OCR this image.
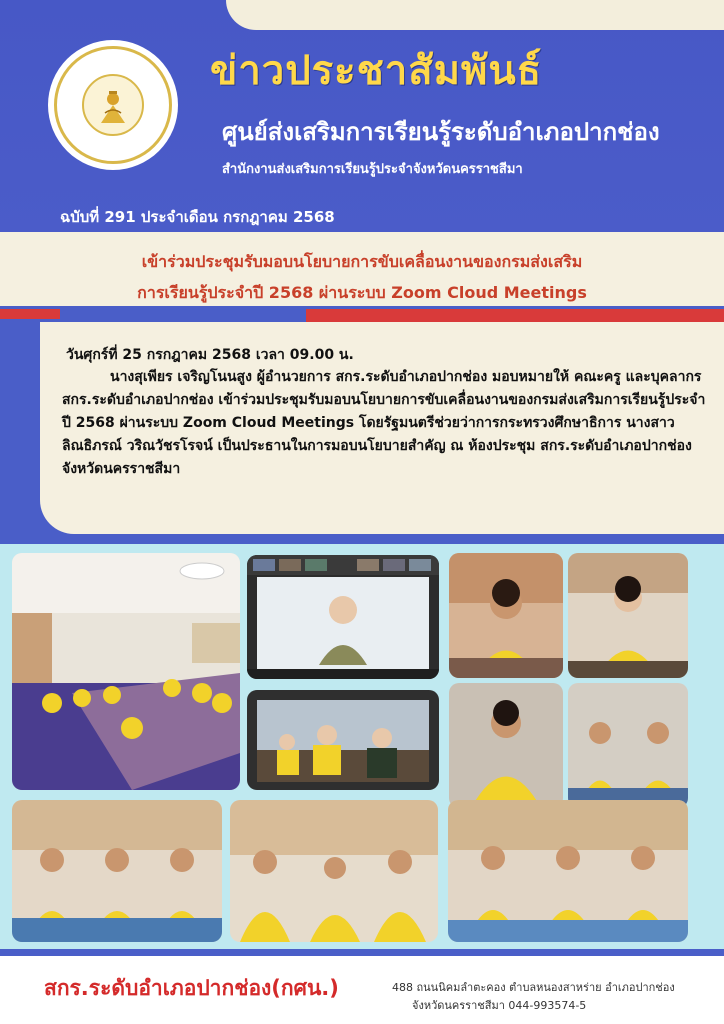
ข่าวประชาสัมพันธ์
ศูนย์ส่งเสริมการเรียนรู้ระดับอำเภอปากช่อง
สำนักงานส่งเสริมการเรียนรู้ประจำจังหวัดนครราชสีมา
ฉบับที่ 291 ประจำเดือน กรกฎาคม 2568
เข้าร่วมประชุมรับมอบนโยบายการขับเคลื่อนงานของกรมส่งเสริม
การเรียนรู้ประจำปี 2568 ผ่านระบบ Zoom Cloud Meetings
วันศุกร์ที่ 25 กรกฎาคม 2568 เวลา 09.00 น.
นางสุเพียร เจริญโนนสูง ผู้อำนวยการ สกร.ระดับอำเภอปากช่อง มอบหมายให้ คณะครู และบุคลากร สกร.ระดับอำเภอปากช่อง เข้าร่วมประชุมรับมอบนโยบายการขับเคลื่อนงานของกรมส่งเสริมการเรียนรู้ประจำปี 2568 ผ่านระบบ Zoom Cloud Meetings โดยรัฐมนตรีช่วยว่าการกระทรวงศึกษาธิการ นางสาวลิณธิภรณ์ วริณวัชรโรจน์ เป็นประธานในการมอบนโยบายสำคัญ ณ ห้องประชุม สกร.ระดับอำเภอปากช่อง จังหวัดนครราชสีมา
สกร.ระดับอำเภอปากช่อง(กศน.)	488 ถนนนิคมลำตะคอง ตำบลหนองสาหร่าย อำเภอปากช่อง
จังหวัดนครราชสีมา 044-993574-5
